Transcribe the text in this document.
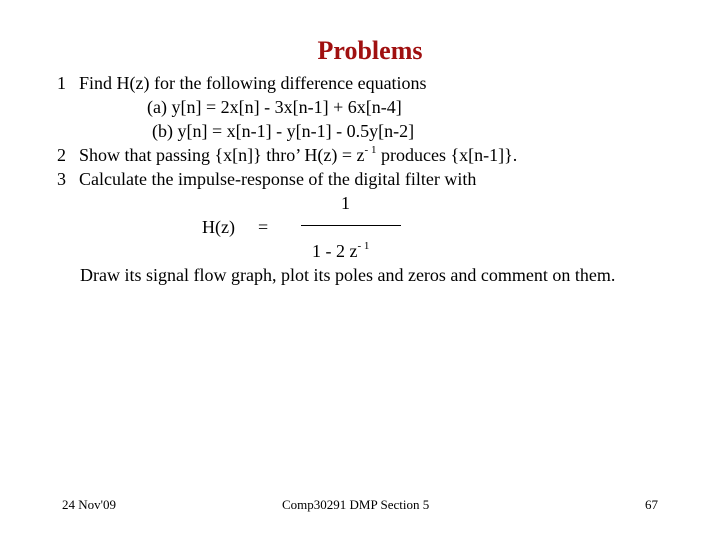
Problems
1 Find H(z) for the following difference equations
(a) y[n] = 2x[n] - 3x[n-1] + 6x[n-4]
(b) y[n] = x[n-1] - y[n-1] - 0.5y[n-2]
2 Show that passing {x[n]} thro’ $H(z) = z^{- 1}$ produces {x[n-1]}.
3 Calculate the impulse-response of the digital filter with
1
H(z) =
1 - 2 $z^{- 1}$
Draw its signal flow graph, plot its poles and zeros and comment on them.
24 Nov'09	Comp30291 DMP Section 5	67
